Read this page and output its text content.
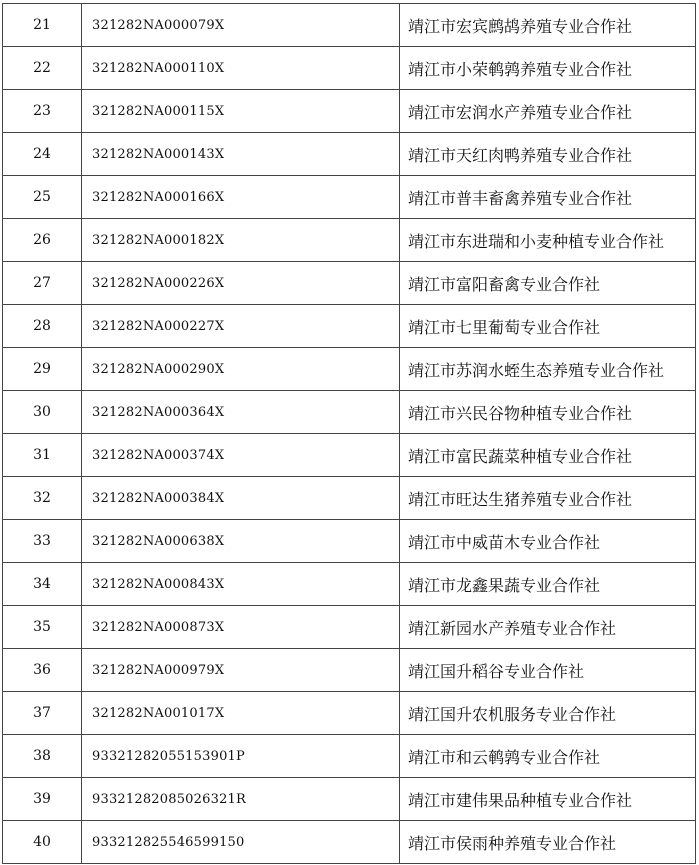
21	321282NA000079X	靖江市宏宾鹧鸪养殖专业合作社
22	321282NA000110X	靖江市小荣鹌鹑养殖专业合作社
23	321282NA000115X	靖江市宏润水产养殖专业合作社
24	321282NA000143X	靖江市天红肉鸭养殖专业合作社
25	321282NA000166X	靖江市普丰畜禽养殖专业合作社
26	321282NA000182X	靖江市东进瑞和小麦种植专业合作社
27	321282NA000226X	靖江市富阳畜禽专业合作社
28	321282NA000227X	靖江市七里葡萄专业合作社
29	321282NA000290X	靖江市苏润水蛭生态养殖专业合作社
30	321282NA000364X	靖江市兴民谷物种植专业合作社
31	321282NA000374X	靖江市富民蔬菜种植专业合作社
32	321282NA000384X	靖江市旺达生猪养殖专业合作社
33	321282NA000638X	靖江市中威苗木专业合作社
34	321282NA000843X	靖江市龙鑫果蔬专业合作社
35	321282NA000873X	靖江新园水产养殖专业合作社
36	321282NA000979X	靖江国升稻谷专业合作社
37	321282NA001017X	靖江国升农机服务专业合作社
38	93321282055153901P	靖江市和云鹌鹑专业合作社
39	93321282085026321R	靖江市建伟果品种植专业合作社
40	933212825546599150	靖江市侯雨种养殖专业合作社
